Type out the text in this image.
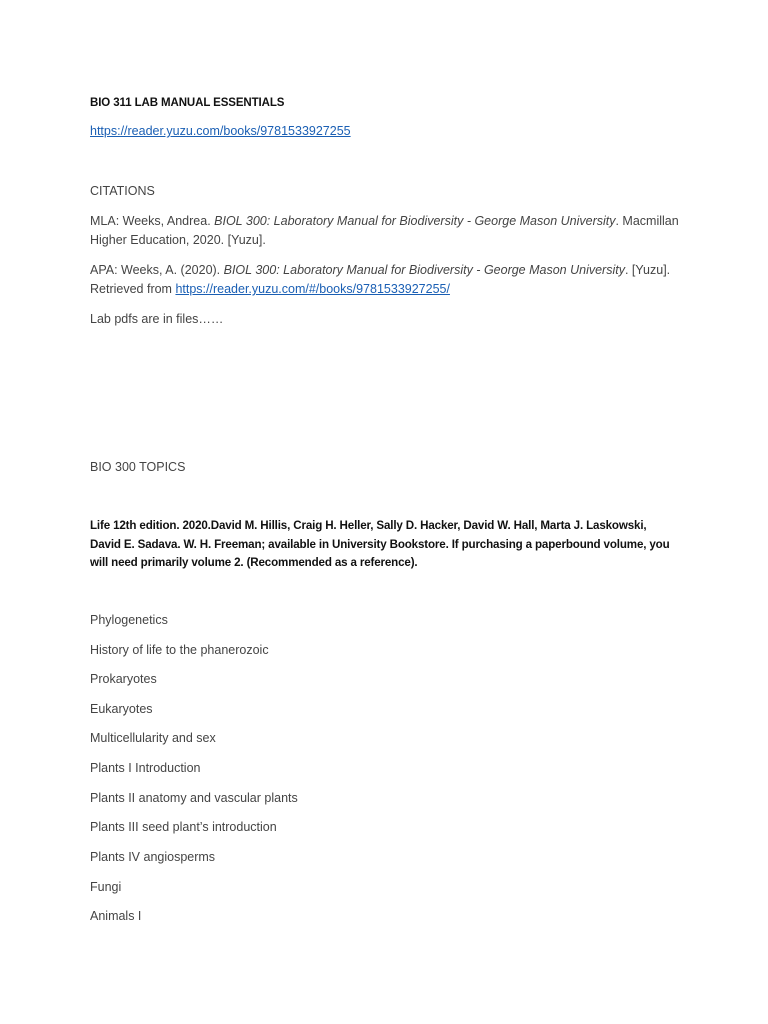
BIO 311 LAB MANUAL ESSENTIALS
https://reader.yuzu.com/books/9781533927255
CITATIONS
MLA: Weeks, Andrea. BIOL 300: Laboratory Manual for Biodiversity - George Mason University. Macmillan Higher Education, 2020. [Yuzu].
APA: Weeks, A. (2020). BIOL 300: Laboratory Manual for Biodiversity - George Mason University. [Yuzu]. Retrieved from https://reader.yuzu.com/#/books/9781533927255/
Lab pdfs are in files……
BIO 300 TOPICS
Life 12th edition. 2020.David M. Hillis, Craig H. Heller, Sally D. Hacker, David W. Hall, Marta J. Laskowski, David E. Sadava. W. H. Freeman; available in University Bookstore. If purchasing a paperbound volume, you will need primarily volume 2. (Recommended as a reference).
Phylogenetics
History of life to the phanerozoic
Prokaryotes
Eukaryotes
Multicellularity and sex
Plants I Introduction
Plants II anatomy and vascular plants
Plants III seed plant’s introduction
Plants IV angiosperms
Fungi
Animals I
